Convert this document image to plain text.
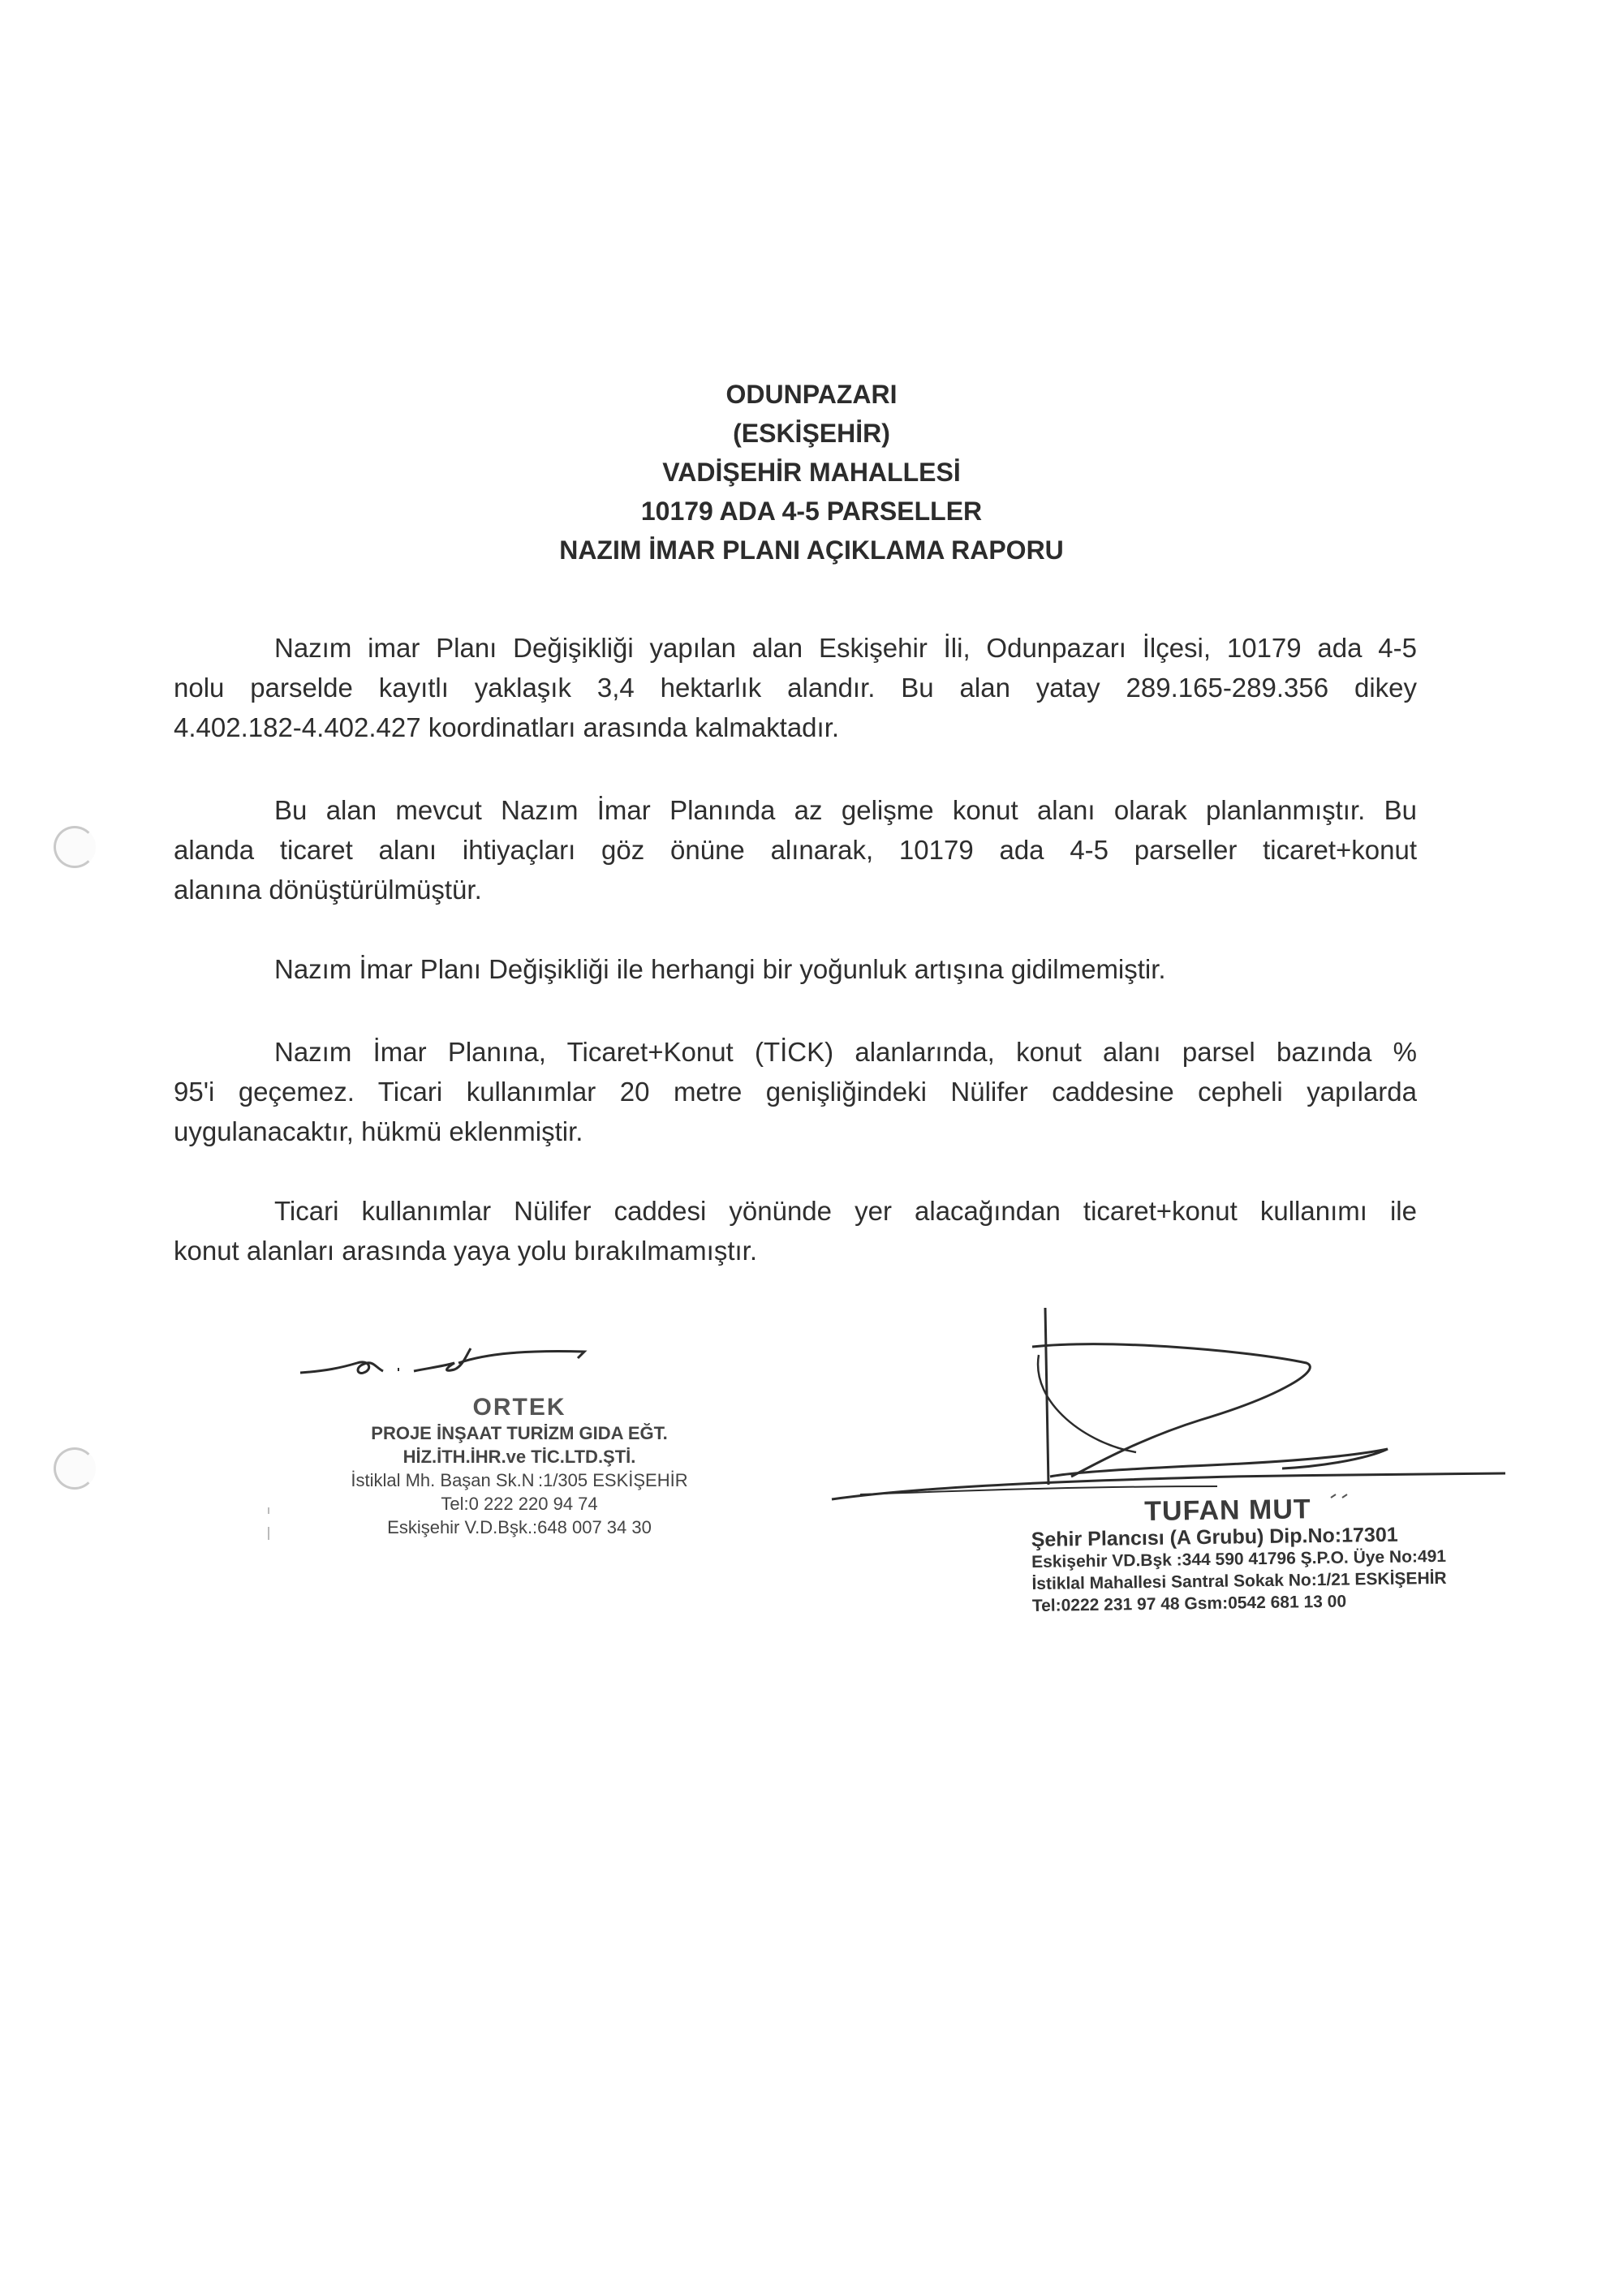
ODUNPAZARI
(ESKİŞEHİR)
VADİŞEHİR MAHALLESİ
10179 ADA 4-5 PARSELLER
NAZIM İMAR PLANI AÇIKLAMA RAPORU
Nazım imar Planı Değişikliği yapılan alan Eskişehir İli, Odunpazarı İlçesi, 10179 ada 4-5
nolu parselde kayıtlı yaklaşık 3,4 hektarlık alandır. Bu alan yatay 289.165-289.356 dikey
4.402.182-4.402.427 koordinatları arasında kalmaktadır.
Bu alan mevcut Nazım İmar Planında az gelişme konut alanı olarak planlanmıştır. Bu
alanda ticaret alanı ihtiyaçları göz önüne alınarak, 10179 ada 4-5 parseller ticaret+konut
alanına dönüştürülmüştür.
Nazım İmar Planı Değişikliği ile herhangi bir yoğunluk artışına gidilmemiştir.
Nazım İmar Planına, Ticaret+Konut (TİCK) alanlarında, konut alanı parsel bazında %
95'i geçemez. Ticari kullanımlar 20 metre genişliğindeki Nülifer caddesine cepheli yapılarda
uygulanacaktır, hükmü eklenmiştir.
Ticari kullanımlar Nülifer caddesi yönünde yer alacağından ticaret+konut kullanımı ile
konut alanları arasında yaya yolu bırakılmamıştır.
ORTEK
PROJE İNŞAAT TURİZM GIDA EĞT.
HİZ.İTH.İHR.ve TİC.LTD.ŞTİ.
İstiklal Mh. Başan Sk.N :1/305 ESKİŞEHİR
Tel:0 222 220 94 74
Eskişehir V.D.Bşk.:648 007 34 30
TUFAN MUT
Şehir Plancısı (A Grubu) Dip.No:17301
Eskişehir VD.Bşk :344 590 41796 Ş.P.O. Üye No:491
İstiklal Mahallesi Santral Sokak No:1/21 ESKİŞEHİR
Tel:0222 231 97 48 Gsm:0542 681 13 00
